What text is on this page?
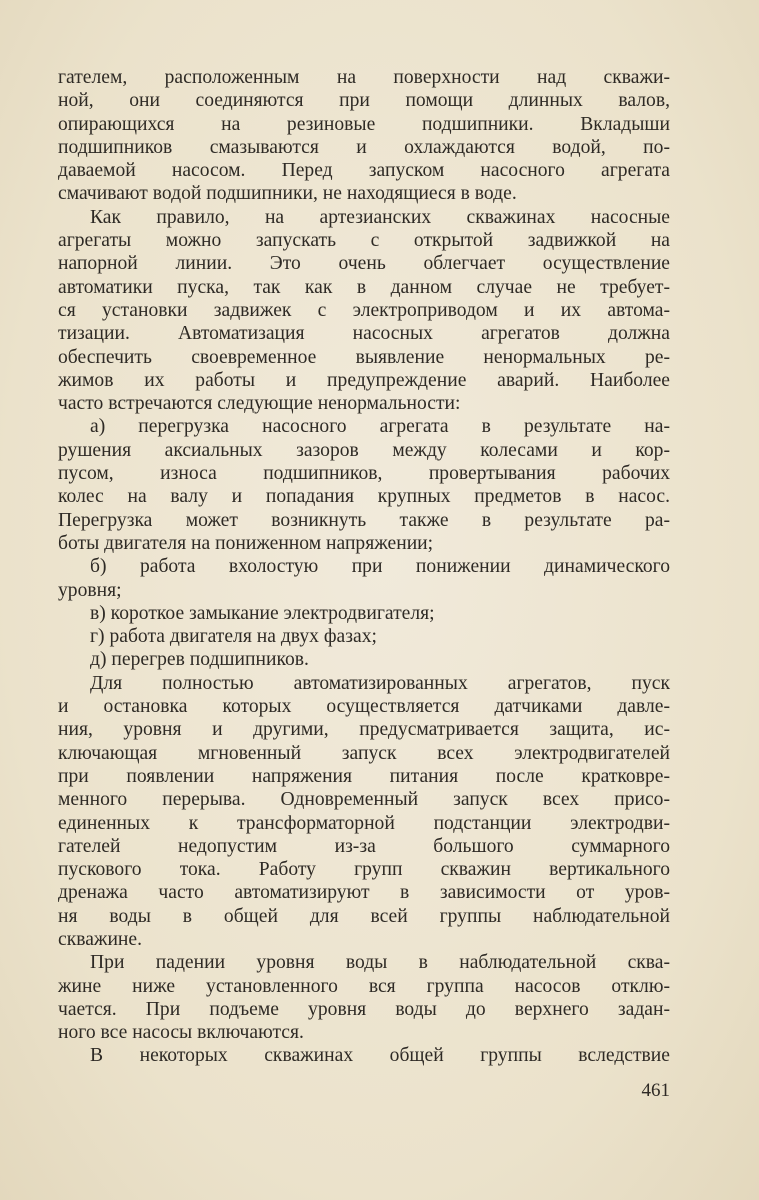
гателем, расположенным на поверхности над скважи-
ной, они соединяются при помощи длинных валов,
опирающихся на резиновые подшипники. Вкладыши
подшипников смазываются и охлаждаются водой, по-
даваемой насосом. Перед запуском насосного агрегата
смачивают водой подшипники, не находящиеся в воде.
Как правило, на артезианских скважинах насосные
агрегаты можно запускать с открытой задвижкой на
напорной линии. Это очень облегчает осуществление
автоматики пуска, так как в данном случае не требует-
ся установки задвижек с электроприводом и их автома-
тизации. Автоматизация насосных агрегатов должна
обеспечить своевременное выявление ненормальных ре-
жимов их работы и предупреждение аварий. Наиболее
часто встречаются следующие ненормальности:
а) перегрузка насосного агрегата в результате на-
рушения аксиальных зазоров между колесами и кор-
пусом, износа подшипников, провертывания рабочих
колес на валу и попадания крупных предметов в насос.
Перегрузка может возникнуть также в результате ра-
боты двигателя на пониженном напряжении;
б) работа вхолостую при понижении динамического
уровня;
в) короткое замыкание электродвигателя;
г) работа двигателя на двух фазах;
д) перегрев подшипников.
Для полностью автоматизированных агрегатов, пуск
и остановка которых осуществляется датчиками давле-
ния, уровня и другими, предусматривается защита, ис-
ключающая мгновенный запуск всех электродвигателей
при появлении напряжения питания после кратковре-
менного перерыва. Одновременный запуск всех присо-
единенных к трансформаторной подстанции электродви-
гателей недопустим из-за большого суммарного
пускового тока. Работу групп скважин вертикального
дренажа часто автоматизируют в зависимости от уров-
ня воды в общей для всей группы наблюдательной
скважине.
При падении уровня воды в наблюдательной сква-
жине ниже установленного вся группа насосов отклю-
чается. При подъеме уровня воды до верхнего задан-
ного все насосы включаются.
В некоторых скважинах общей группы вследствие
461
